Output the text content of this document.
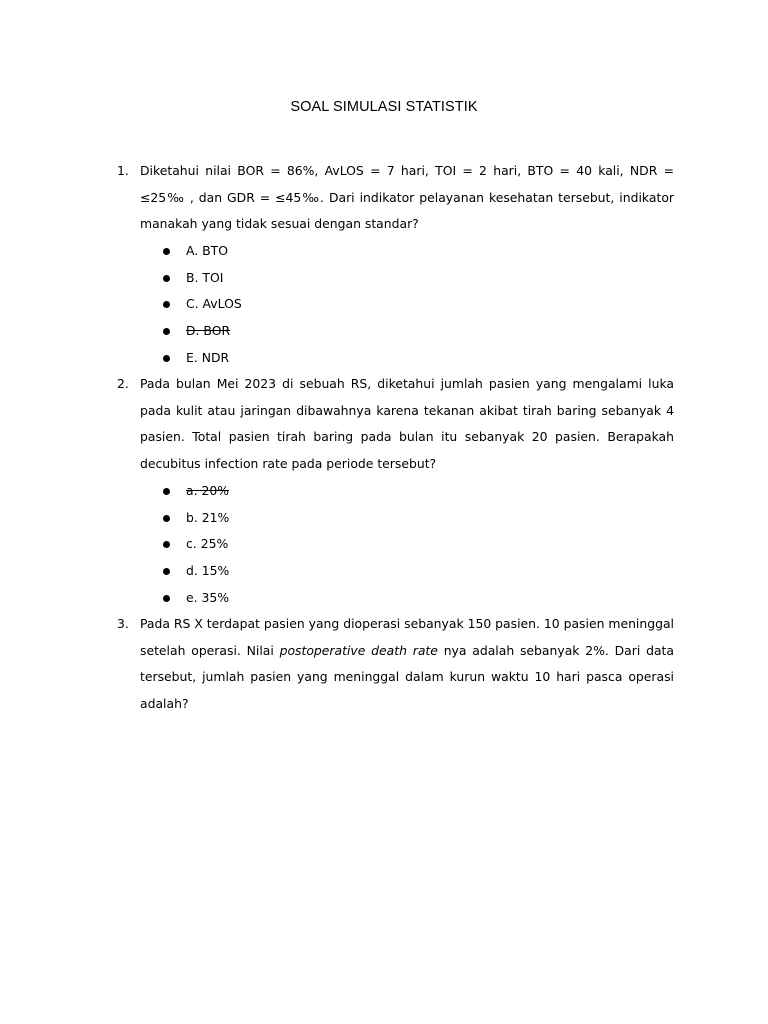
SOAL SIMULASI STATISTIK
1. Diketahui nilai BOR = 86%, AvLOS = 7 hari, TOI = 2 hari, BTO = 40 kali, NDR = ≤25‰ , dan GDR = ≤45‰. Dari indikator pelayanan kesehatan tersebut, indikator manakah yang tidak sesuai dengan standar?
A. BTO
B. TOI
C. AvLOS
D. BOR
E. NDR
2. Pada bulan Mei 2023 di sebuah RS, diketahui jumlah pasien yang mengalami luka pada kulit atau jaringan dibawahnya karena tekanan akibat tirah baring sebanyak 4 pasien. Total pasien tirah baring pada bulan itu sebanyak 20 pasien. Berapakah decubitus infection rate pada periode tersebut?
a. 20%
b. 21%
c. 25%
d. 15%
e. 35%
3. Pada RS X terdapat pasien yang dioperasi sebanyak 150 pasien. 10 pasien meninggal setelah operasi. Nilai postoperative death rate nya adalah sebanyak 2%. Dari data tersebut, jumlah pasien yang meninggal dalam kurun waktu 10 hari pasca operasi adalah?
